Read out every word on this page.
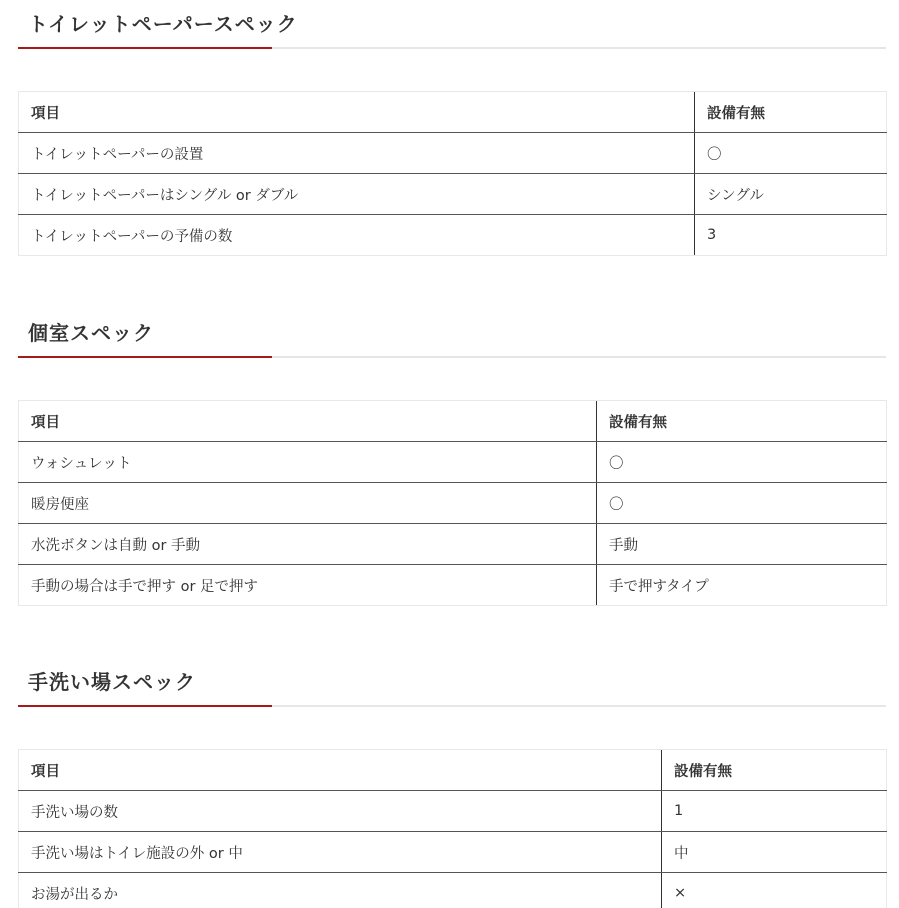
トイレットペーパースペック
項目	設備有無
トイレットペーパーの設置	〇
トイレットペーパーはシングル or ダブル	シングル
トイレットペーパーの予備の数	3
個室スペック
項目	設備有無
ウォシュレット	〇
暖房便座	〇
水洗ボタンは自動 or 手動	手動
手動の場合は手で押す or 足で押す	手で押すタイプ
手洗い場スペック
項目	設備有無
手洗い場の数	1
手洗い場はトイレ施設の外 or 中	中
お湯が出るか	×
